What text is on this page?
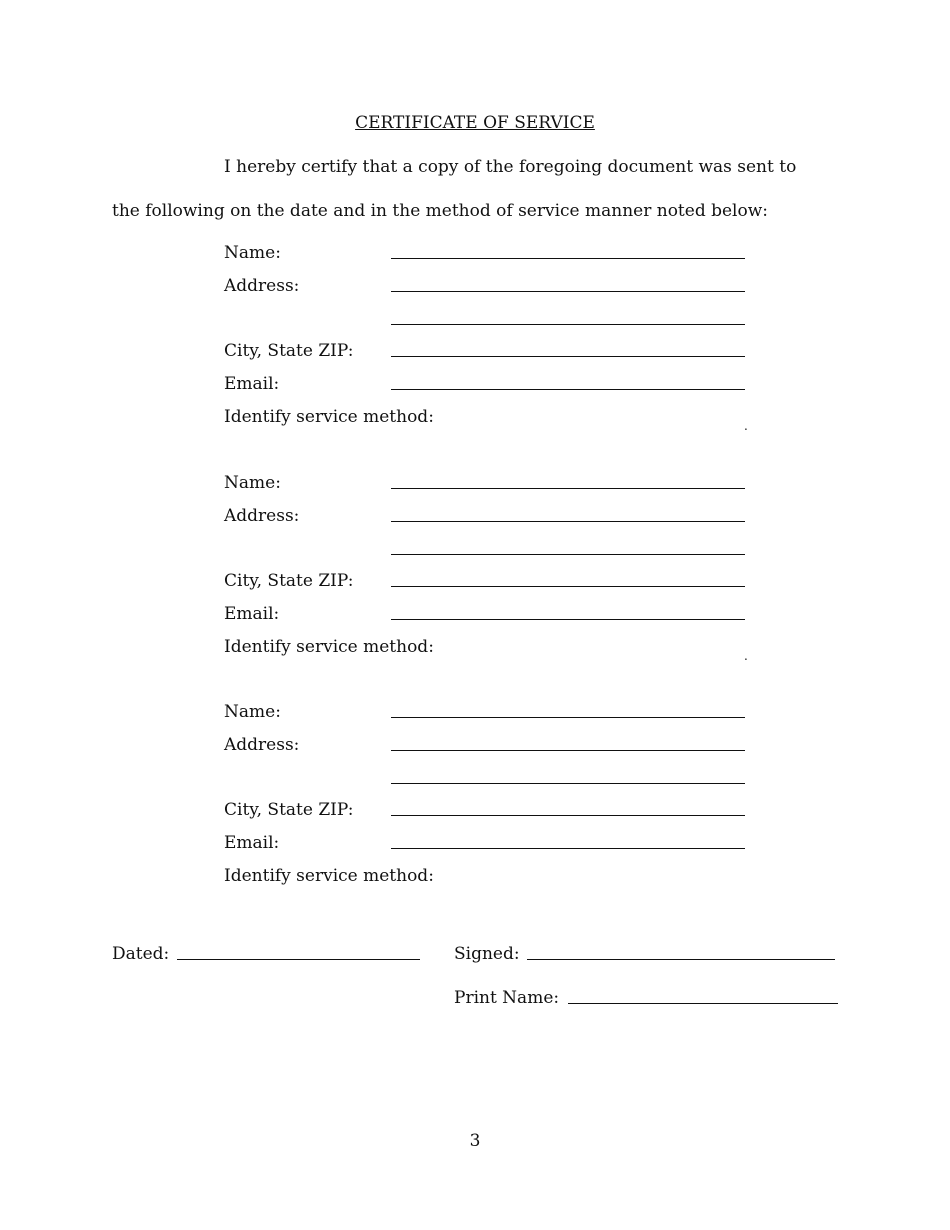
CERTIFICATE OF SERVICE
I hereby certify that a copy of the foregoing document was sent to
the following on the date and in the method of service manner noted below:
Name:
Address:
City, State ZIP:
Email:
Identify service method:	.
Name:
Address:
City, State ZIP:
Email:
Identify service method:	.
Name:
Address:
City, State ZIP:
Email:
Identify service method:
Dated:	Signed:
Print Name:
3
